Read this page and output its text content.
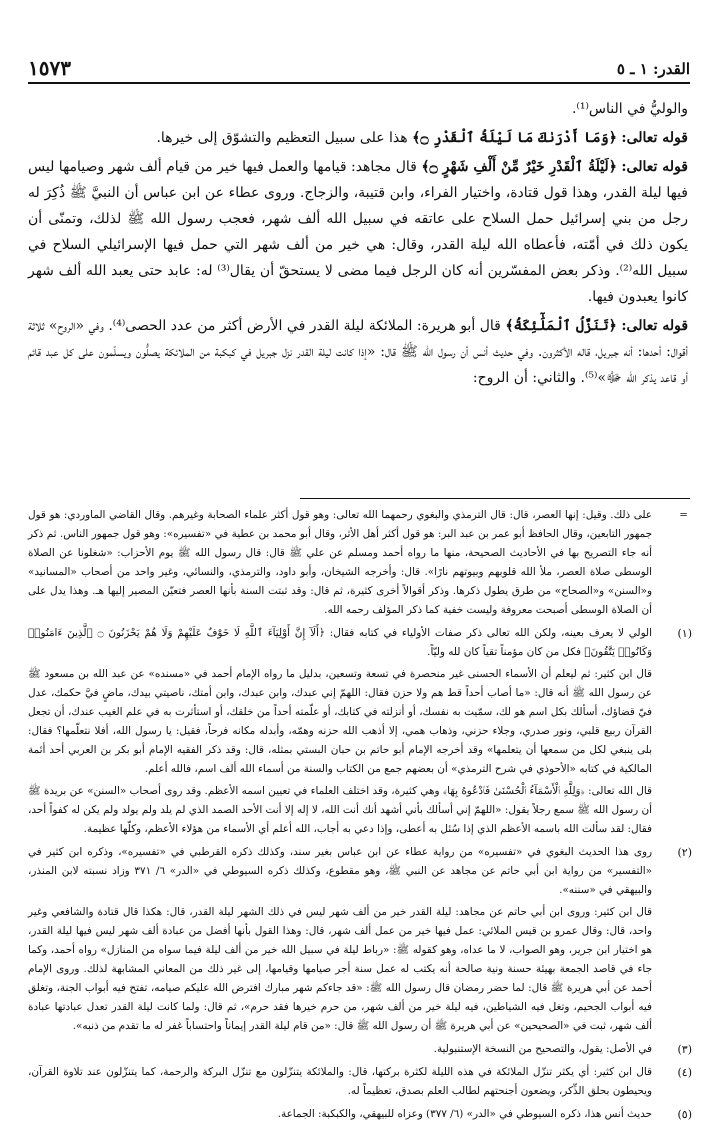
القدر: ١ ـ ٥
١٥٧٣

والوليُّ في الناس⁽¹⁾.

قوله تعالى: ﴿وَمَا أَدْرَىٰكَ مَا لَيْلَةُ ٱلْقَدْرِ ۝﴾ هذا على سبيل التعظيم والتشوّق إلى خيرها.

قوله تعالى: ﴿لَيْلَةُ ٱلْقَدْرِ خَيْرٌ مِّنْ أَلْفِ شَهْرٍ ۝﴾ قال مجاهد: قيامها والعمل فيها خير من قيام ألف شهر وصيامها ليس فيها ليلة القدر، وهذا قول قتادة، واختيار الفراء، وابن قتيبة، والزجاج. وروى عطاء عن ابن عباس أن النبيَّ ﷺ ذُكِرَ له رجل من بني إسرائيل حمل السلاح على عاتقه في سبيل الله ألف شهر، فعجب رسول الله ﷺ لذلك، وتمنّى أن يكون ذلك في أمّته، فأعطاه الله ليلة القدر، وقال: هي خير من ألف شهر التي حمل فيها الإسرائيلي السلاح في سبيل الله⁽²⁾. وذكر بعض المفسّرين أنه كان الرجل فيما مضى لا يستحقّ أن يقال⁽³⁾ له: عابد حتى يعبد الله ألف شهر كانوا يعبدون فيها.

قوله تعالى: ﴿تَنَزَّلُ ٱلْمَلَٰٓئِكَةُ﴾ قال أبو هريرة: الملائكة ليلة القدر في الأرض أكثر من عدد الحصى⁽⁴⁾. وفي «الروح» ثلاثة أقوال: أحدها: أنه جبريل، قاله الأكثرون. وفي حديث أنس أن رسول الله ﷺ قال: «إذا كانت ليلة القدر نزل جبريل في كبكبة من الملائكة يصلُّون ويسلّمون على كل عبد قائم أو قاعد يذكر الله ﷻ»⁽⁵⁾. والثاني: أن الروح:

=

على ذلك. وقيل: إنها العصر، قال: قال الترمذي والبغوي رحمهما الله تعالى: وهو قول أكثر علماء الصحابة وغيرهم. وقال القاضي الماوردي: هو قول جمهور التابعين، وقال الحافظ أبو عمر بن عبد البر: هو قول أكثر أهل الأثر، وقال أبو محمد بن عطية في «تفسيره»: وهو قول جمهور الناس. ثم ذكر أنه جاء التصريح بها في الأحاديث الصحيحة، منها ما رواه أحمد ومسلم عن علي ﷺ قال: قال رسول الله ﷺ يوم الأحزاب: «شغلونا عن الصلاة الوسطى صلاة العصر، ملأ الله قلوبهم وبيوتهم نارًا». قال: وأخرجه الشيخان، وأبو داود، والترمذي، والنسائي، وغير واحد من أصحاب «المسانيد» و«السنن» و«الصحاح» من طرق يطول ذكرها. وذكر أقوالاً أخرى كثيرة، ثم قال: وقد ثبتت السنة بأنها العصر فتعيّن المصير إليها هـ. وهذا يدل على أن الصلاة الوسطى أصبحت معروفة وليست خفية كما ذكر المؤلف رحمه الله.

(١)

الولي لا يعرف بعينه، ولكن الله تعالى ذكر صفات الأولياء في كتابه فقال: ﴿أَلَآ إِنَّ أَوْلِيَآءَ ٱللَّهِ لَا خَوْفٌ عَلَيْهِمْ وَلَا هُمْ يَحْزَنُونَ ۝ ٱلَّذِينَ ءَامَنُوا۟ وَكَانُوا۟ يَتَّقُونَ﴾ فكل من كان مؤمناً تقياً كان لله وليّاً.

قال ابن كثير: ثم ليعلم أن الأسماء الحسنى غير منحصرة في تسعة وتسعين، بدليل ما رواه الإمام أحمد في «مسنده» عن عبد الله بن مسعود ﷺ عن رسول الله ﷺ أنه قال: «ما أصاب أحداً قط هم ولا حزن فقال: اللهمّ إني عبدك، وابن عبدك، وابن أمتك، ناصيتي بيدك، ماضٍ فيَّ حكمك، عدل فيّ قضاؤك، أسألك بكل اسم هو لك، سمّيت به نفسك، أو أنزلته في كتابك، أو علّمته أحداً من خلقك، أو استأثرت به في علم الغيب عندك، أن تجعل القرآن ربيع قلبي، ونور صدري، وجلاء حزني، وذهاب همي، إلا أذهب الله حزنه وهمّه، وأبدله مكانه فرحاً، فقيل: يا رسول الله، أفلا نتعلّمها؟ فقال: بلى ينبغي لكل من سمعها أن يتعلمها» وقد أخرجه الإمام أبو حاتم بن حبان البستي بمثله، قال: وقد ذكر الفقيه الإمام أبو بكر بن العربي أحد أئمة المالكية في كتابه «الأحوذي في شرح الترمذي» أن بعضهم جمع من الكتاب والسنة من أسماء الله ألف اسم، فالله أعلم.

قال الله تعالى: ﴿وَلِلَّهِ ٱلْأَسْمَآءُ ٱلْحُسْنَىٰ فَٱدْعُوهُ بِهَا﴾ وهي كثيرة، وقد اختلف العلماء في تعيين اسمه الأعظم. وقد روى أصحاب «السنن» عن بريدة ﷺ أن رسول الله ﷺ سمع رجلاً يقول: «اللهمّ إني أسألك بأني أشهد أنك أنت الله، لا إله إلا أنت الأحد الصمد الذي لم يلد ولم يولد ولم يكن له كفواً أحد، فقال: لقد سألت الله باسمه الأعظم الذي إذا سُئل به أعطى، وإذا دعي به أجاب، الله أعلم أي الأسماء من هؤلاء الأعظم، وكلّها عظيمة.

(٢)

روى هذا الحديث البغوي في «تفسيره» من رواية عطاء عن ابن عباس بغير سند، وكذلك ذكره القرطبي في «تفسيره»، وذكره ابن كثير في «التفسير» من رواية ابن أبي حاتم عن مجاهد عن النبي ﷺ، وهو مقطوع، وكذلك ذكره السيوطي في «الدر» ٦/ ٣٧١ وزاد نسبته لابن المنذر، والبيهقي في «سننه».

قال ابن كثير: وروى ابن أبي حاتم عن مجاهد: ليلة القدر خير من ألف شهر ليس في ذلك الشهر ليلة القدر، قال: هكذا قال قتادة والشافعي وغير واحد، قال: وقال عمرو بن قيس الملائي: عمل فيها خير من عمل ألف شهر، قال: وهذا القول بأنها أفضل من عبادة ألف شهر ليس فيها ليلة القدر، هو اختيار ابن جرير، وهو الصواب، لا ما عداه، وهو كقوله ﷺ: «رباط ليلة في سبيل الله خير من ألف ليلة فيما سواه من المنازل» رواه أحمد، وكما جاء في قاصد الجمعة بهيئة حسنة ونية صالحة أنه يكتب له عمل سنة أجر صيامها وقيامها، إلى غير ذلك من المعاني المشابهة لذلك. وروى الإمام أحمد عن أبي هريرة ﷺ قال: لما حضر رمضان قال رسول الله ﷺ: «قد جاءكم شهر مبارك افترض الله عليكم صيامه، تفتح فيه أبواب الجنة، وتغلق فيه أبواب الجحيم، وتغل فيه الشياطين، فيه ليلة خير من ألف شهر، من حرم خيرها فقد حرم»، ثم قال: ولما كانت ليلة القدر تعدل عبادتها عبادة ألف شهر، ثبت في «الصحيحين» عن أبي هريرة ﷺ أن رسول الله ﷺ قال: «من قام ليلة القدر إيماناً واحتساباً غفر له ما تقدم من ذنبه».

(٣)

في الأصل: يقول، والتصحيح من النسخة الإستنبولية.

(٤)

قال ابن كثير: أي يكثر تنزّل الملائكة في هذه الليلة لكثرة بركتها، قال: والملائكة يتنزّلون مع تنزّل البركة والرحمة، كما يتنزّلون عند تلاوة القرآن، ويحيطون بحلق الذِّكر، ويضعون أجنحتهم لطالب العلم بصدق، تعظيماً له.

(٥)

حديث أنس هذا، ذكره السيوطي في «الدر» (٦/ ٣٧٧) وعزاه للبيهقي، والكبكبة: الجماعة.
